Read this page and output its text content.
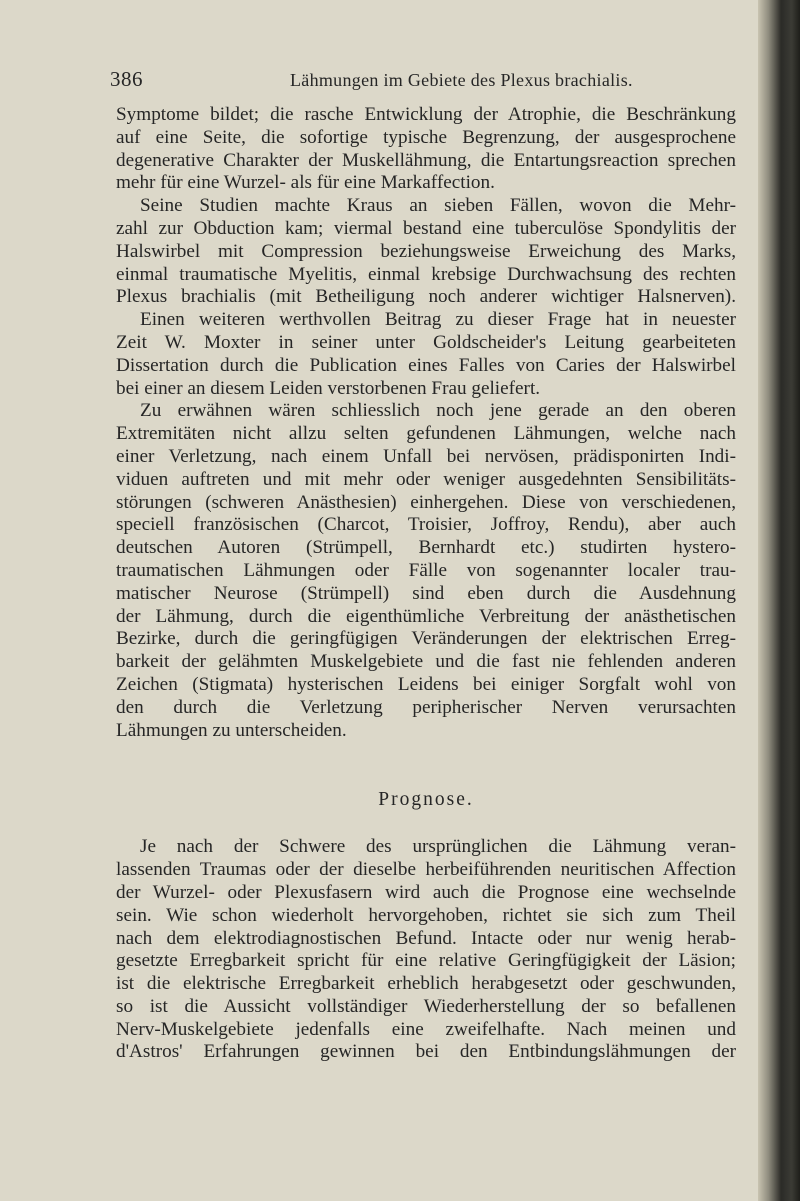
386	Lähmungen im Gebiete des Plexus brachialis.
Symptome bildet; die rasche Entwicklung der Atrophie, die Beschränkung
auf eine Seite, die sofortige typische Begrenzung, der ausgesprochene
degenerative Charakter der Muskellähmung, die Entartungsreaction sprechen
mehr für eine Wurzel- als für eine Markaffection.
Seine Studien machte Kraus an sieben Fällen, wovon die Mehr-
zahl zur Obduction kam; viermal bestand eine tuberculöse Spondylitis der
Halswirbel mit Compression beziehungsweise Erweichung des Marks,
einmal traumatische Myelitis, einmal krebsige Durchwachsung des rechten
Plexus brachialis (mit Betheiligung noch anderer wichtiger Halsnerven).
Einen weiteren werthvollen Beitrag zu dieser Frage hat in neuester
Zeit W. Moxter in seiner unter Goldscheider's Leitung gearbeiteten
Dissertation durch die Publication eines Falles von Caries der Halswirbel
bei einer an diesem Leiden verstorbenen Frau geliefert.
Zu erwähnen wären schliesslich noch jene gerade an den oberen
Extremitäten nicht allzu selten gefundenen Lähmungen, welche nach
einer Verletzung, nach einem Unfall bei nervösen, prädisponirten Indi-
viduen auftreten und mit mehr oder weniger ausgedehnten Sensibilitäts-
störungen (schweren Anästhesien) einhergehen. Diese von verschiedenen,
speciell französischen (Charcot, Troisier, Joffroy, Rendu), aber auch
deutschen Autoren (Strümpell, Bernhardt etc.) studirten hystero-
traumatischen Lähmungen oder Fälle von sogenannter localer trau-
matischer Neurose (Strümpell) sind eben durch die Ausdehnung
der Lähmung, durch die eigenthümliche Verbreitung der anästhetischen
Bezirke, durch die geringfügigen Veränderungen der elektrischen Erreg-
barkeit der gelähmten Muskelgebiete und die fast nie fehlenden anderen
Zeichen (Stigmata) hysterischen Leidens bei einiger Sorgfalt wohl von
den durch die Verletzung peripherischer Nerven verursachten
Lähmungen zu unterscheiden.
Prognose.
Je nach der Schwere des ursprünglichen die Lähmung veran-
lassenden Traumas oder der dieselbe herbeiführenden neuritischen Affection
der Wurzel- oder Plexusfasern wird auch die Prognose eine wechselnde
sein. Wie schon wiederholt hervorgehoben, richtet sie sich zum Theil
nach dem elektrodiagnostischen Befund. Intacte oder nur wenig herab-
gesetzte Erregbarkeit spricht für eine relative Geringfügigkeit der Läsion;
ist die elektrische Erregbarkeit erheblich herabgesetzt oder geschwunden,
so ist die Aussicht vollständiger Wiederherstellung der so befallenen
Nerv-Muskelgebiete jedenfalls eine zweifelhafte. Nach meinen und
d'Astros' Erfahrungen gewinnen bei den Entbindungslähmungen der
